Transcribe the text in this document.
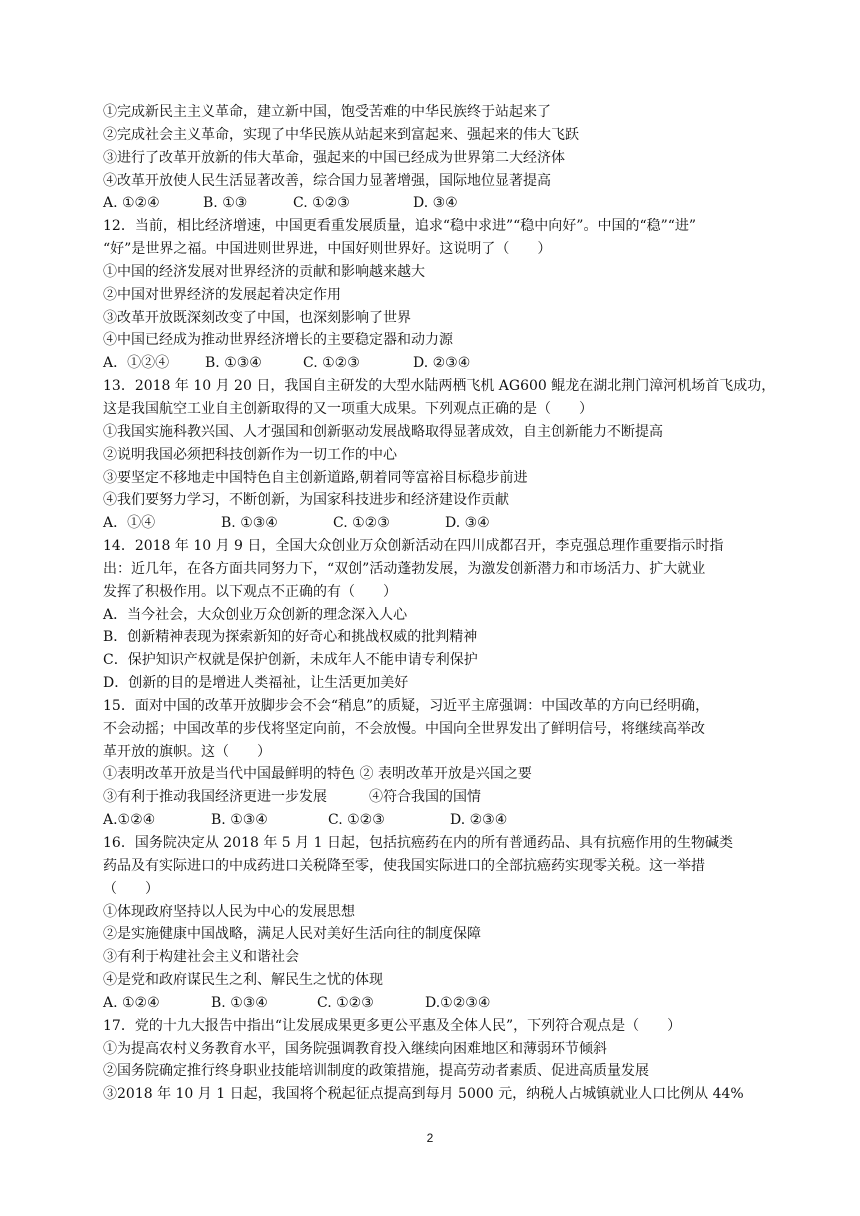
①完成新民主主义革命，建立新中国，饱受苦难的中华民族终于站起来了
②完成社会主义革命，实现了中华民族从站起来到富起来、强起来的伟大飞跃
③进行了改革开放新的伟大革命，强起来的中国已经成为世界第二大经济体
④改革开放使人民生活显著改善，综合国力显著增强，国际地位显著提高
A. ①②④	B. ①③	C. ①②③	D. ③④
12．当前，相比经济增速，中国更看重发展质量，追求“稳中求进”“稳中向好”。中国的“稳”“进”
“好”是世界之福。中国进则世界进，中国好则世界好。这说明了（　　）
①中国的经济发展对世界经济的贡献和影响越来越大
②中国对世界经济的发展起着决定作用
③改革开放既深刻改变了中国，也深刻影响了世界
④中国已经成为推动世界经济增长的主要稳定器和动力源
A．①②④	B. ①③④	C. ①②③	D. ②③④
13．2018 年 10 月 20 日，我国自主研发的大型水陆两栖飞机 AG600 鲲龙在湖北荆门漳河机场首飞成功，
这是我国航空工业自主创新取得的又一项重大成果。下列观点正确的是（　　）
①我国实施科教兴国、人才强国和创新驱动发展战略取得显著成效，自主创新能力不断提高
②说明我国必须把科技创新作为一切工作的中心
③要坚定不移地走中国特色自主创新道路,朝着同等富裕目标稳步前进
④我们要努力学习，不断创新，为国家科技进步和经济建设作贡献
A．①④	B. ①③④	C. ①②③	D. ③④
14．2018 年 10 月 9 日，全国大众创业万众创新活动在四川成都召开，李克强总理作重要指示时指
出：近几年，在各方面共同努力下，“双创”活动蓬勃发展，为激发创新潜力和市场活力、扩大就业
发挥了积极作用。以下观点不正确的有（　　）
A．当今社会，大众创业万众创新的理念深入人心
B．创新精神表现为探索新知的好奇心和挑战权威的批判精神
C．保护知识产权就是保护创新，未成年人不能申请专利保护
D．创新的目的是增进人类福祉，让生活更加美好
15．面对中国的改革开放脚步会不会“稍息”的质疑，习近平主席强调：中国改革的方向已经明确，
不会动摇；中国改革的步伐将坚定向前，不会放慢。中国向全世界发出了鲜明信号，将继续高举改
革开放的旗帜。这（　　）
①表明改革开放是当代中国最鲜明的特色 ② 表明改革开放是兴国之要
③有利于推动我国经济更进一步发展　　　④符合我国的国情
A.①②④	B. ①③④	C. ①②③	D. ②③④
16．国务院决定从 2018 年 5 月 1 日起，包括抗癌药在内的所有普通药品、具有抗癌作用的生物碱类
药品及有实际进口的中成药进口关税降至零，使我国实际进口的全部抗癌药实现零关税。这一举措
（　　）
①体现政府坚持以人民为中心的发展思想
②是实施健康中国战略，满足人民对美好生活向往的制度保障
③有利于构建社会主义和谐社会
④是党和政府谋民生之利、解民生之忧的体现
A. ①②④	B. ①③④	C. ①②③	D.①②③④
17．党的十九大报告中指出“让发展成果更多更公平惠及全体人民”，下列符合观点是（　　）
①为提高农村义务教育水平，国务院强调教育投入继续向困难地区和薄弱环节倾斜
②国务院确定推行终身职业技能培训制度的政策措施，提高劳动者素质、促进高质量发展
③2018 年 10 月 1 日起，我国将个税起征点提高到每月 5000 元，纳税人占城镇就业人口比例从 44%
2
